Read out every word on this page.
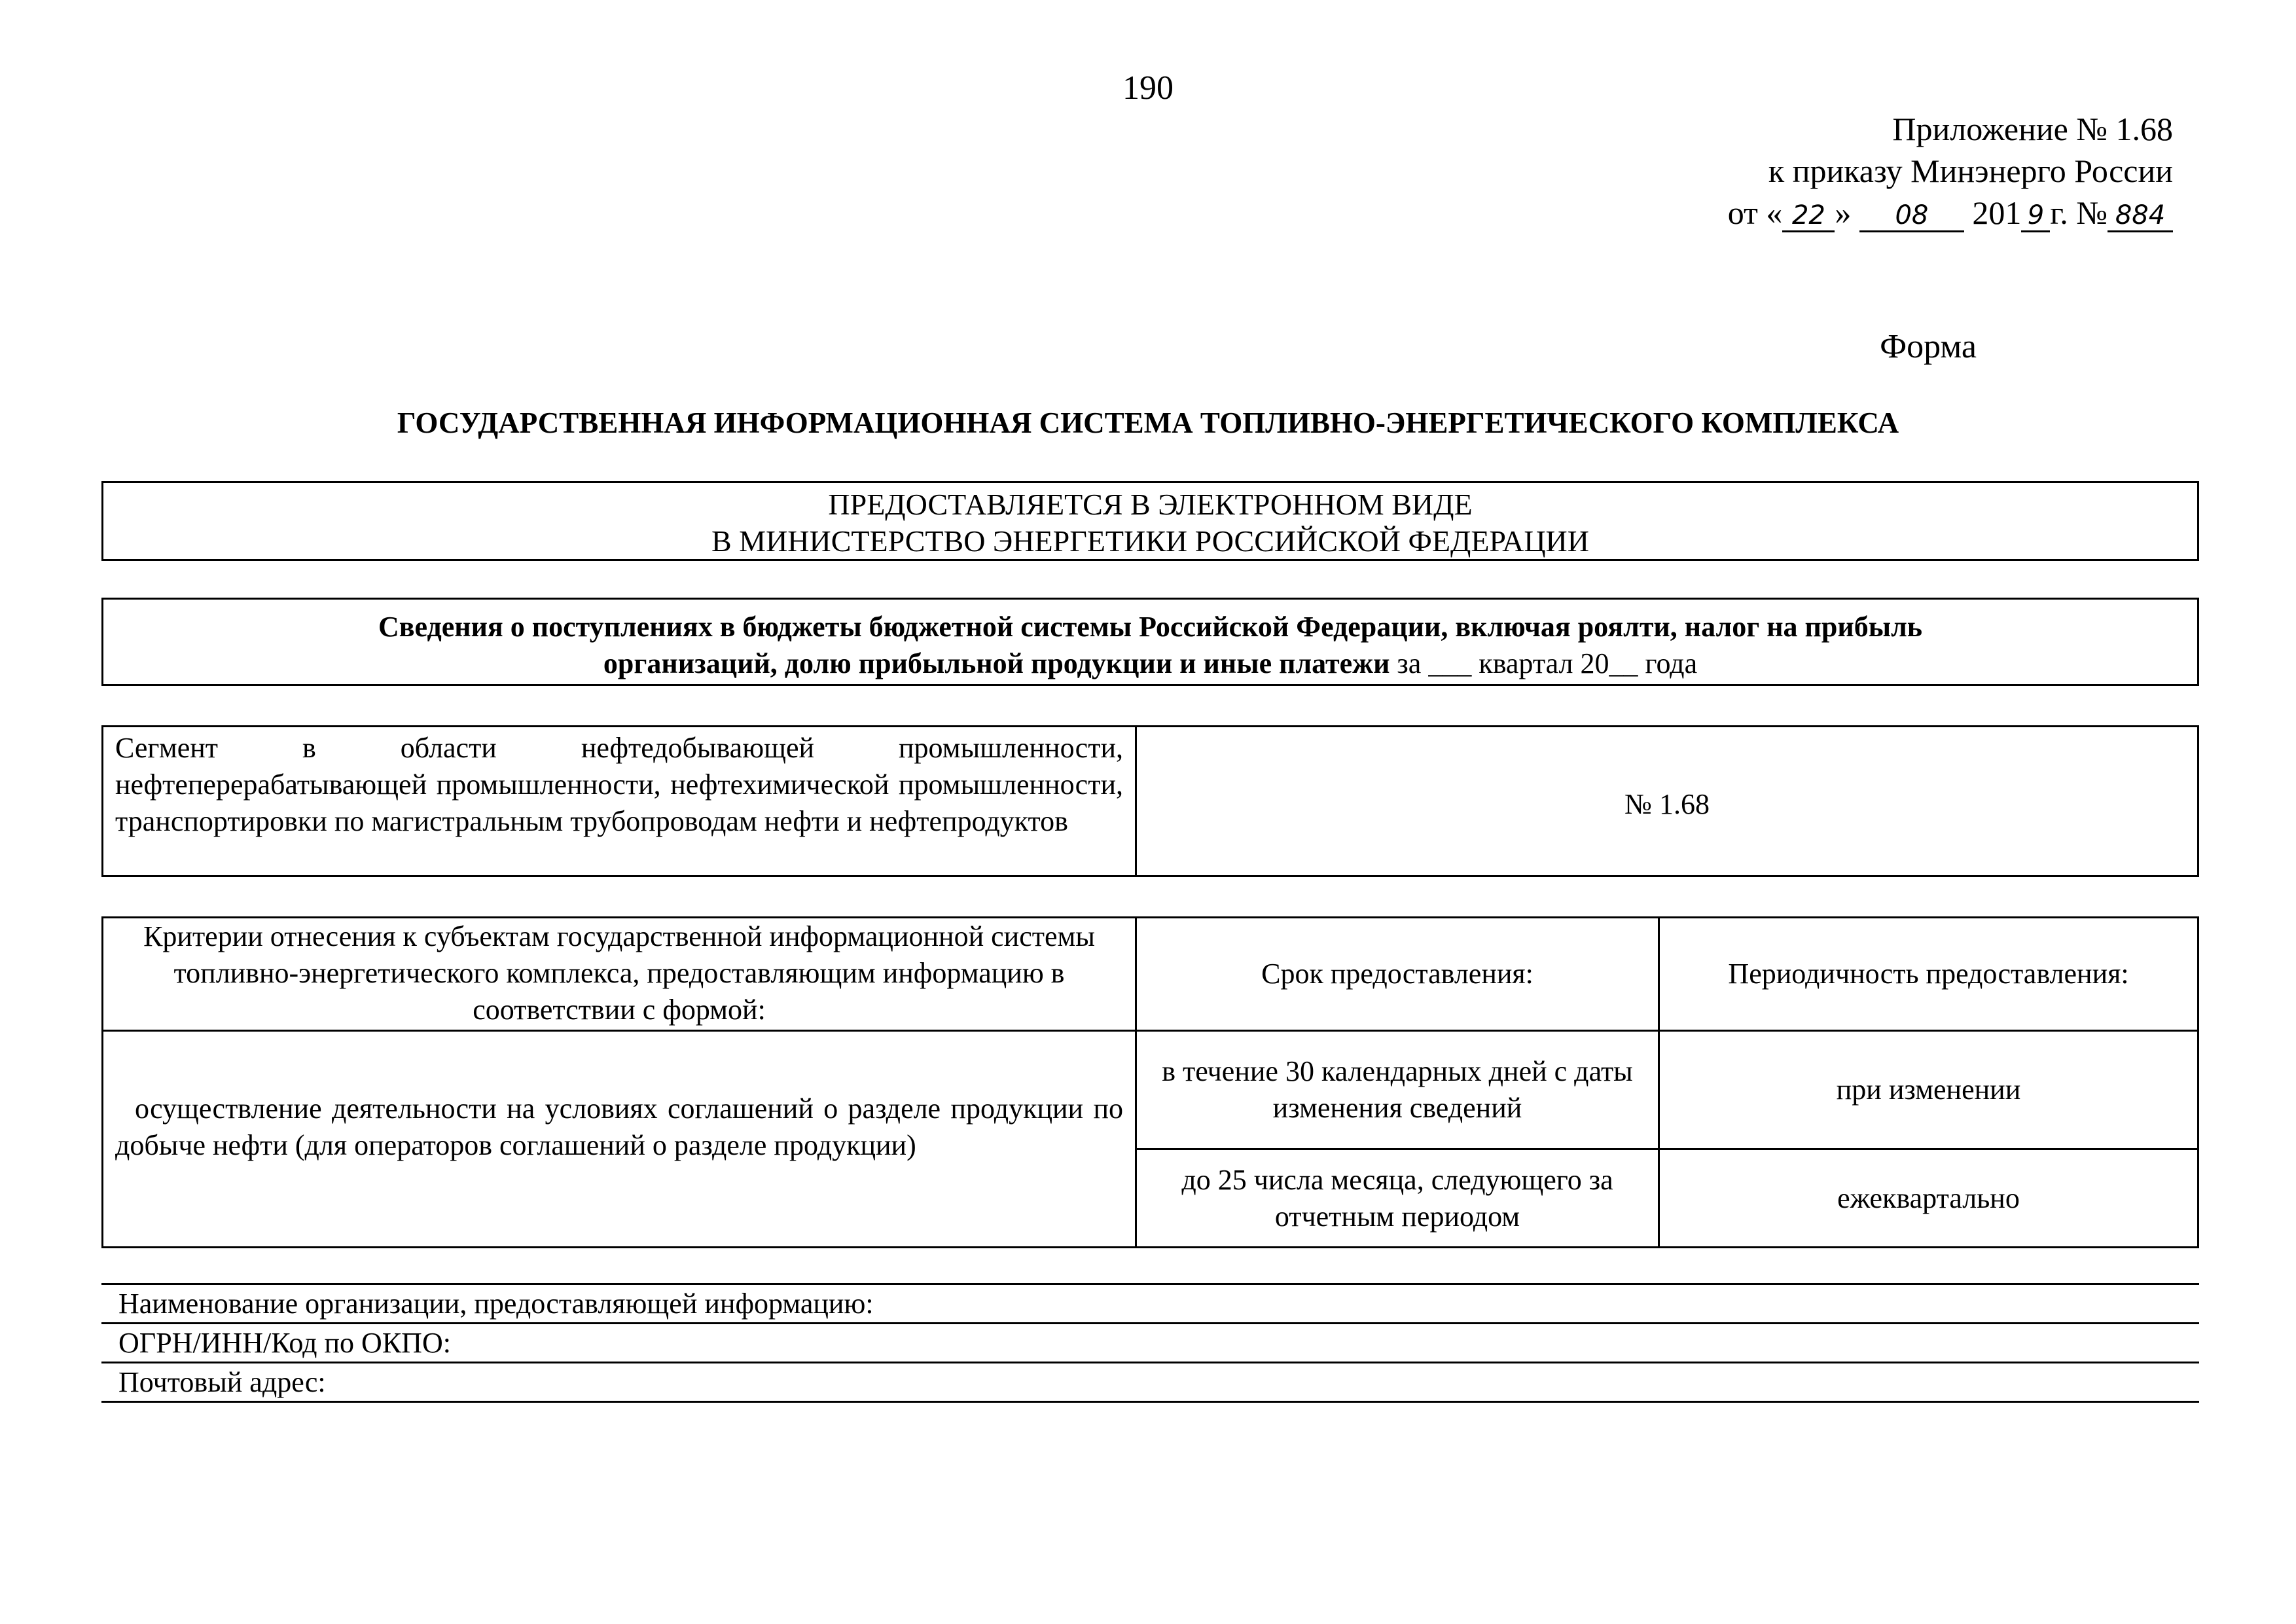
190
Приложение № 1.68
к приказу Минэнерго России
от « 22 » 08 201 9 г. № 884
Форма
ГОСУДАРСТВЕННАЯ ИНФОРМАЦИОННАЯ СИСТЕМА ТОПЛИВНО-ЭНЕРГЕТИЧЕСКОГО КОМПЛЕКСА
ПРЕДОСТАВЛЯЕТСЯ В ЭЛЕКТРОННОМ ВИДЕ
В МИНИСТЕРСТВО ЭНЕРГЕТИКИ РОССИЙСКОЙ ФЕДЕРАЦИИ
Сведения о поступлениях в бюджеты бюджетной системы Российской Федерации, включая роялти, налог на прибыль
организаций, долю прибыльной продукции и иные платежи за ___ квартал 20__ года
Сегмент в области нефтедобывающей промышленности, нефтеперерабатывающей промышленности, нефтехимической промышленности, транспортировки по магистральным трубопроводам нефти и нефтепродуктов	№ 1.68
Критерии отнесения к субъектам государственной информационной системы топливно-энергетического комплекса, предоставляющим информацию в соответствии с формой:	Срок предоставления:	Периодичность предоставления:
осуществление деятельности на условиях соглашений о разделе продукции по добыче нефти (для операторов соглашений о разделе продукции)	в течение 30 календарных дней с даты изменения сведений	при изменении
	до 25 числа месяца, следующего за отчетным периодом	ежеквартально
Наименование организации, предоставляющей информацию:
ОГРН/ИНН/Код по ОКПО:
Почтовый адрес:
